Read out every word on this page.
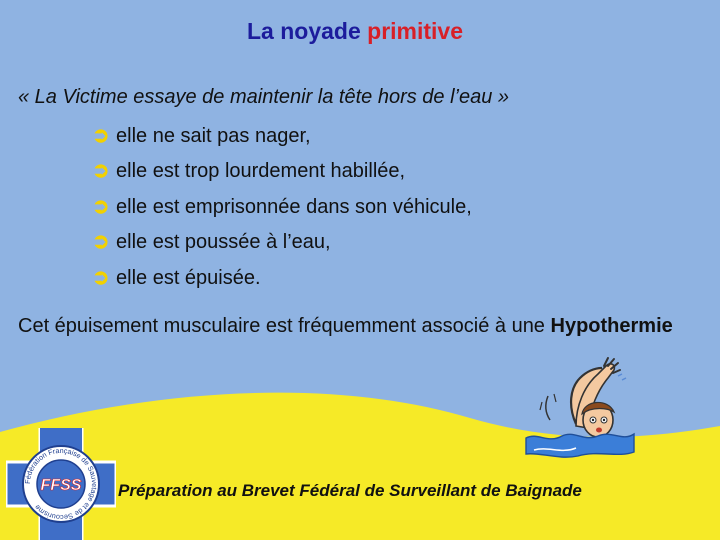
La noyade primitive
« La Victime essaye de maintenir la tête hors de l’eau »
➲ elle ne sait pas nager,
➲ elle est trop lourdement habillée,
➲ elle est emprisonnée dans son véhicule,
➲ elle est poussée à l’eau,
➲ elle est épuisée.
Cet épuisement musculaire est fréquemment associé à une Hypothermie
FFSS
Fédération Française de Sauvetage et de Secourisme
Préparation au Brevet Fédéral de Surveillant de Baignade
